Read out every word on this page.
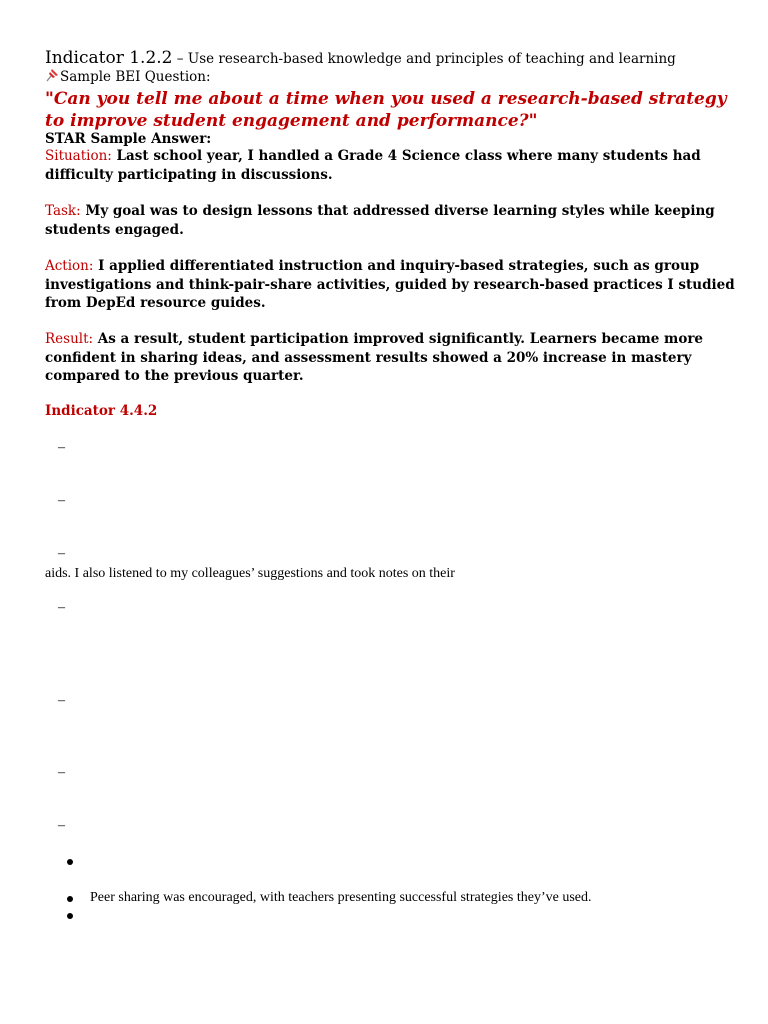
Indicator 1.2.2 – Use research-based knowledge and principles of teaching and learning
Sample BEI Question:
"Can you tell me about a time when you used a research-based strategy to improve student engagement and performance?"
STAR Sample Answer:
Situation: Last school year, I handled a Grade 4 Science class where many students had difficulty participating in discussions.
Task: My goal was to design lessons that addressed diverse learning styles while keeping students engaged.
Action: I applied differentiated instruction and inquiry-based strategies, such as group investigations and think-pair-share activities, guided by research-based practices I studied from DepEd resource guides.
Result: As a result, student participation improved significantly. Learners became more confident in sharing ideas, and assessment results showed a 20% increase in mastery compared to the previous quarter.
Indicator 4.4.2
–
–
–
aids. I also listened to my colleagues’ suggestions and took notes on their
–
–
–
–
Peer sharing was encouraged, with teachers presenting successful strategies they’ve used.
